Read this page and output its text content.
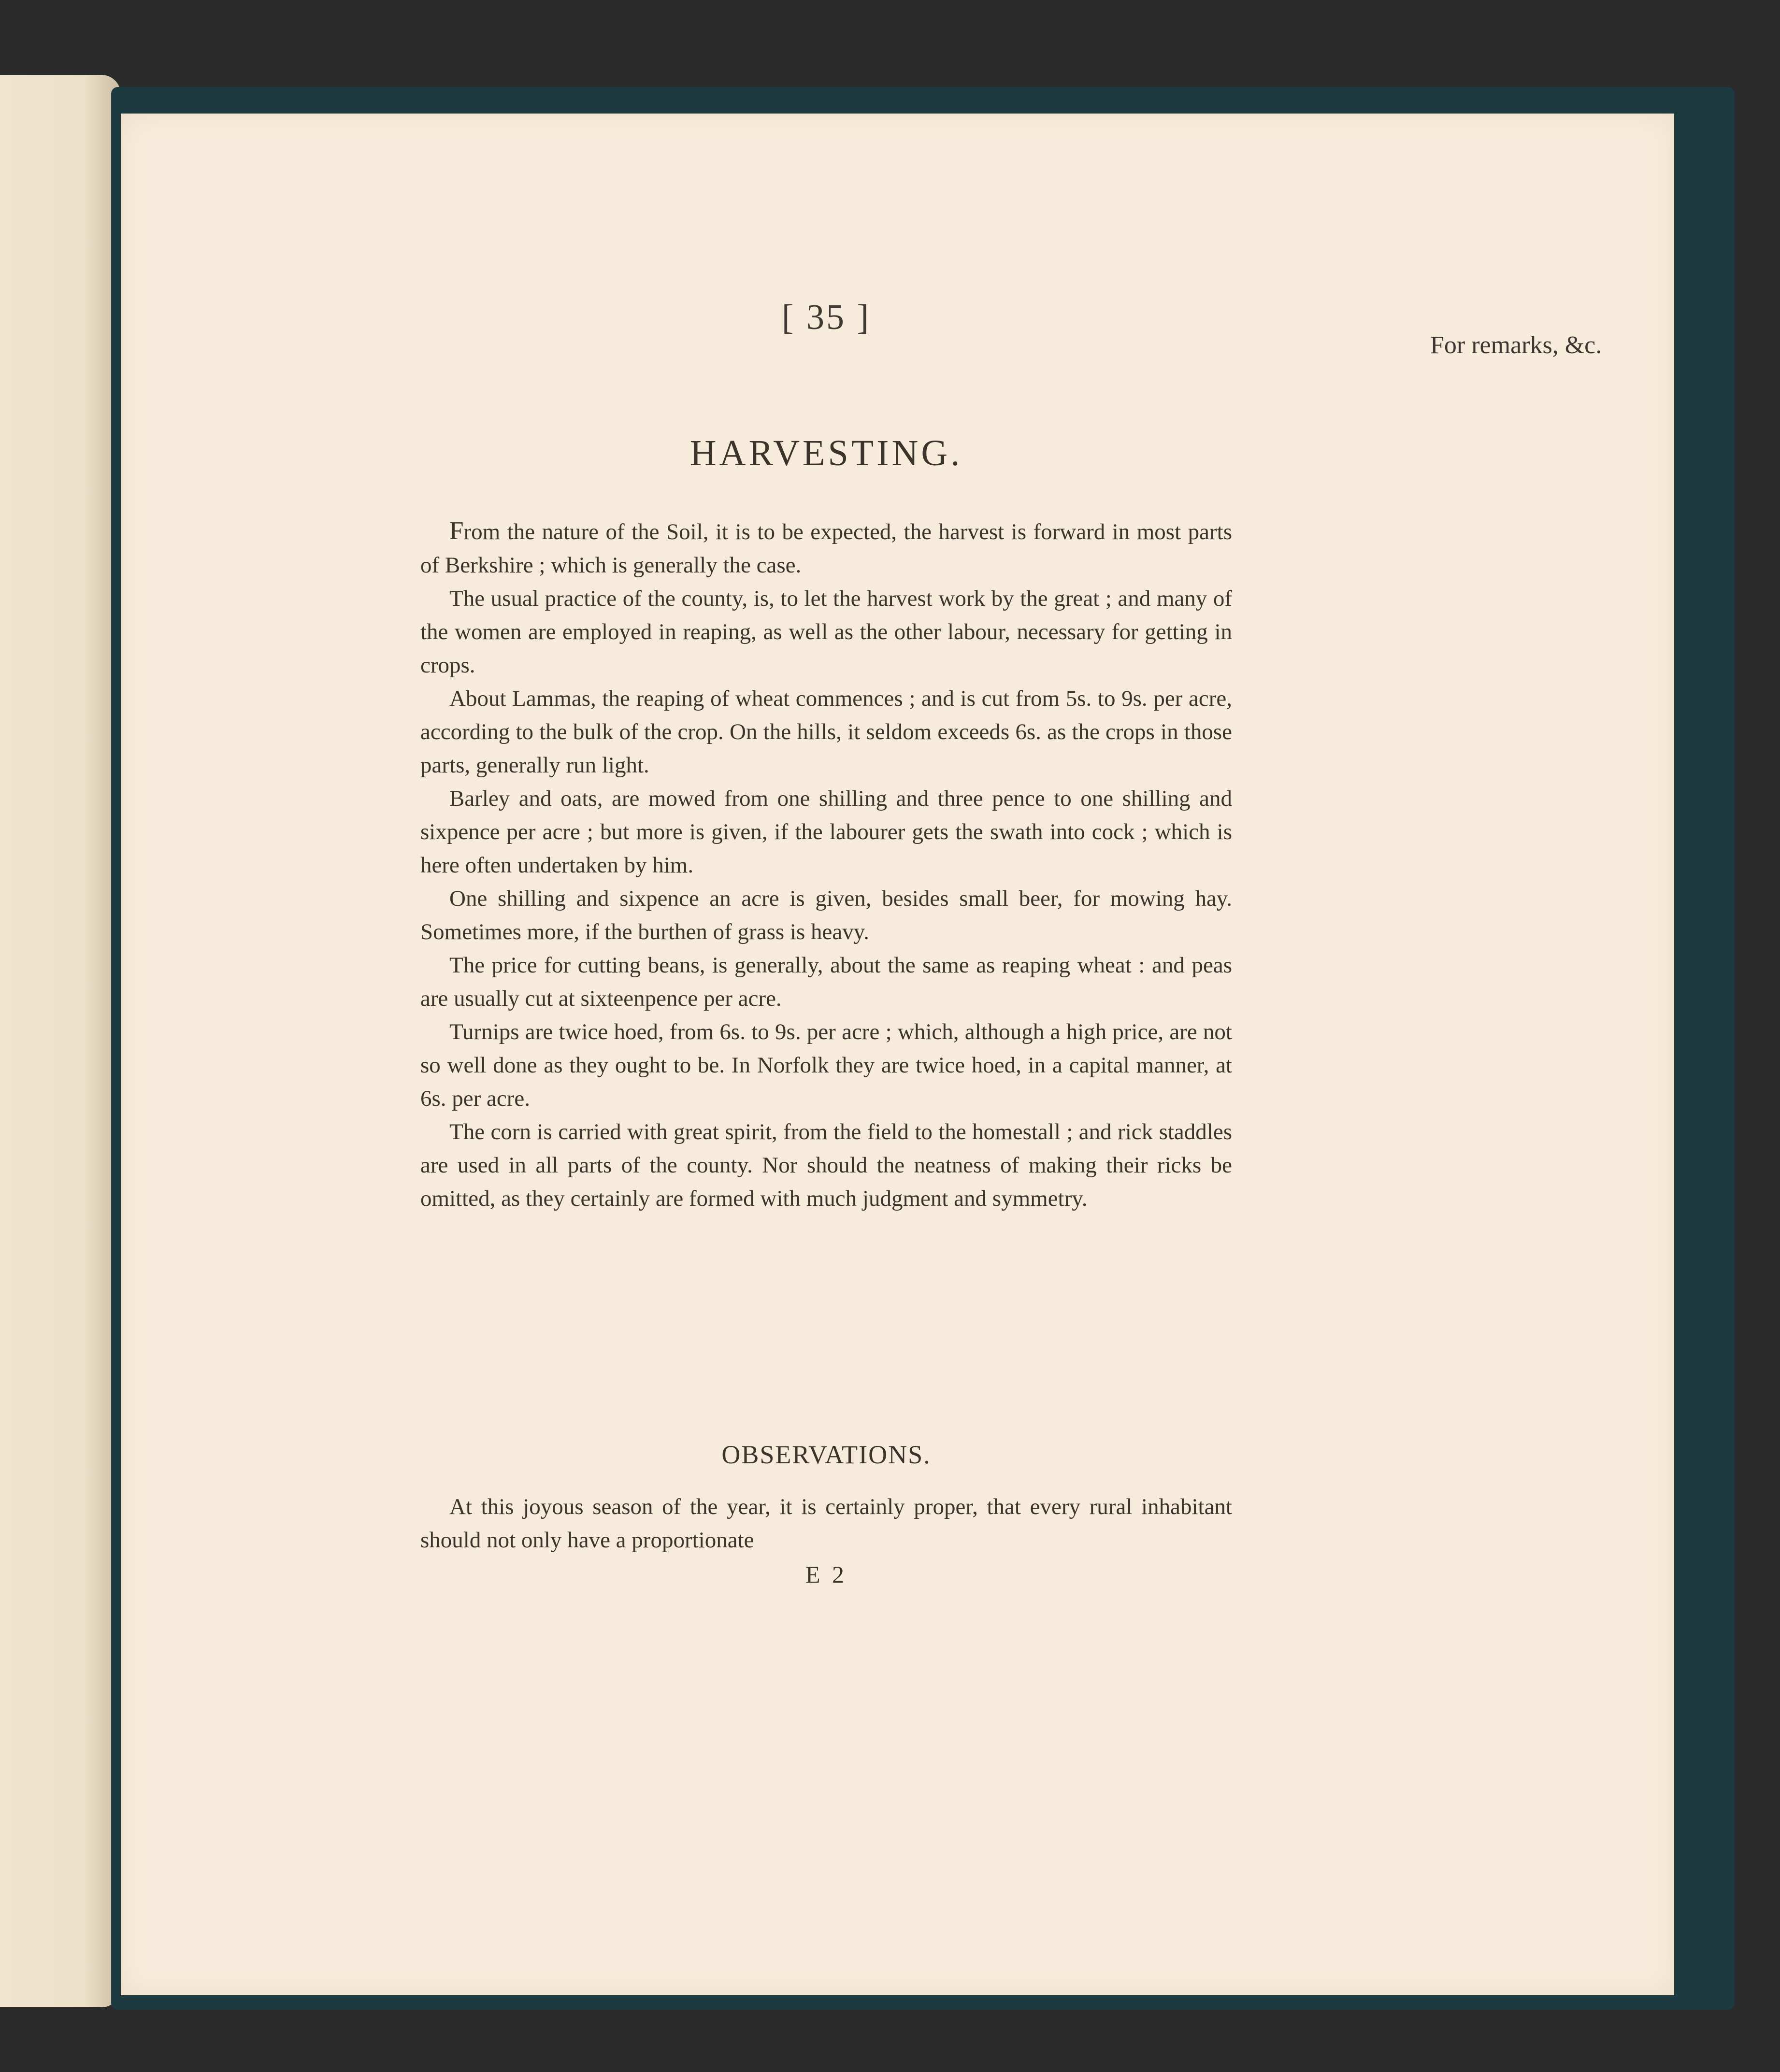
[ 35 ]
For remarks, &c.
HARVESTING.

From the nature of the Soil, it is to be expected, the harvest is forward in most parts of Berkshire ; which is generally the case.

The usual practice of the county, is, to let the harvest work by the great ; and many of the women are employed in reaping, as well as the other labour, necessary for getting in crops.

About Lammas, the reaping of wheat commences ; and is cut from 5s. to 9s. per acre, according to the bulk of the crop. On the hills, it seldom exceeds 6s. as the crops in those parts, generally run light.

Barley and oats, are mowed from one shilling and three pence to one shilling and sixpence per acre ; but more is given, if the labourer gets the swath into cock ; which is here often undertaken by him.

One shilling and sixpence an acre is given, besides small beer, for mowing hay. Sometimes more, if the burthen of grass is heavy.

The price for cutting beans, is generally, about the same as reaping wheat : and peas are usually cut at sixteenpence per acre.

Turnips are twice hoed, from 6s. to 9s. per acre ; which, although a high price, are not so well done as they ought to be. In Norfolk they are twice hoed, in a capital manner, at 6s. per acre.

The corn is carried with great spirit, from the field to the homestall ; and rick staddles are used in all parts of the county. Nor should the neatness of making their ricks be omitted, as they certainly are formed with much judgment and symmetry.

OBSERVATIONS.

At this joyous season of the year, it is certainly proper, that every rural inhabitant should not only have a proportionate

E 2
